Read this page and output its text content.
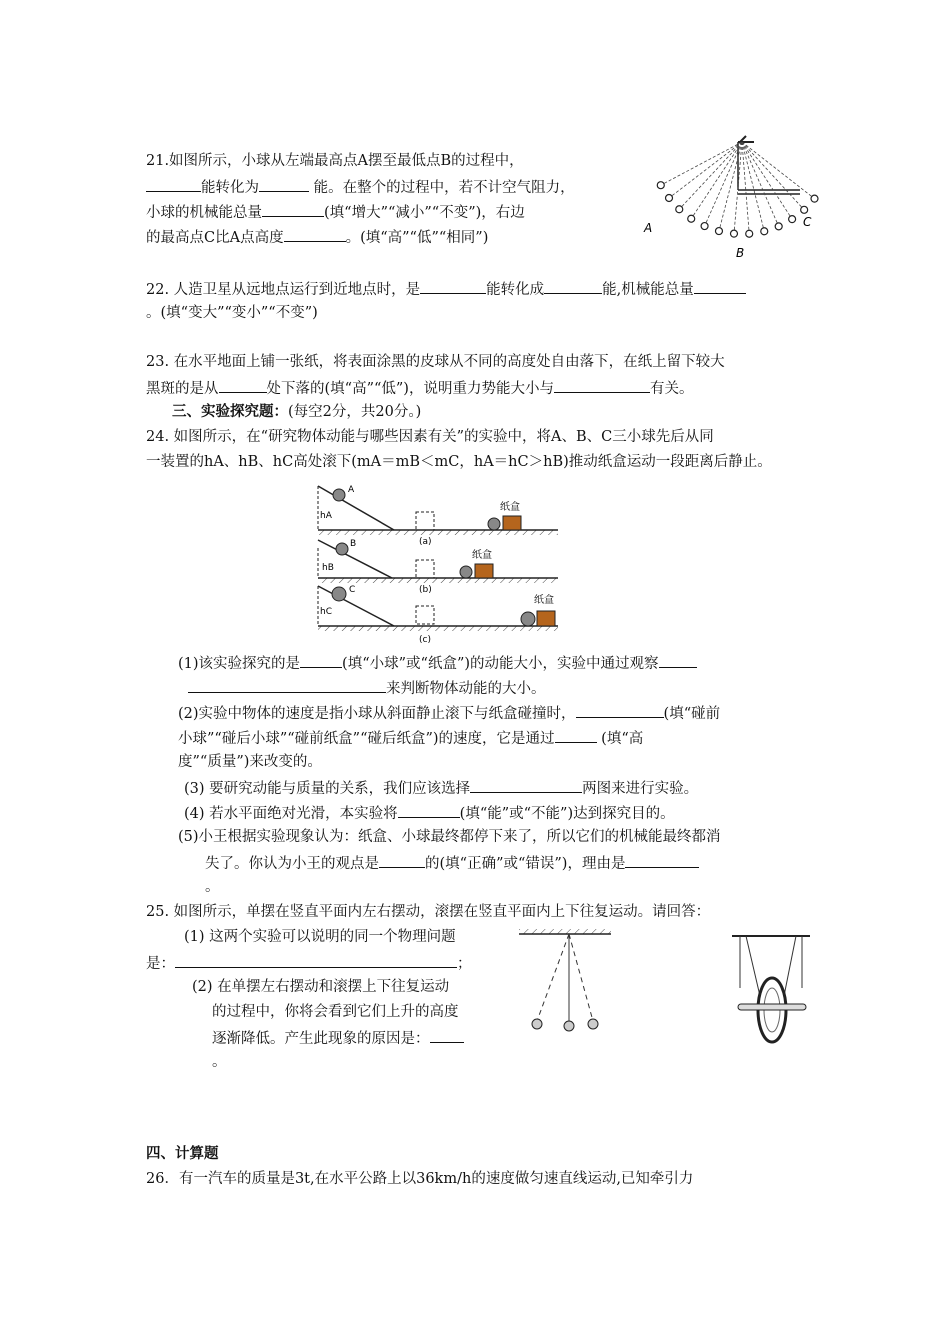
21.如图所示，小球从左端最高点A摆至最低点B的过程中，
能转化为	能。在整个的过程中，若不计空气阻力，
小球的机械能总量	(填“增大”“减小”“不变”)，右边
的最高点C比A点高度	。(填“高”“低”“相同”)
A
B
C
22. 人造卫星从远地点运行到近地点时，是	能转化成	能,机械能总量
。(填“变大”“变小”“不变”)
23. 在水平地面上铺一张纸，将表面涂黑的皮球从不同的高度处自由落下，在纸上留下较大
黑斑的是从	处下落的(填“高”“低”)，说明重力势能大小与	有关。
三、实验探究题：(每空2分，共20分。)
24. 如图所示，在“研究物体动能与哪些因素有关”的实验中，将A、B、C三小球先后从同
一装置的hA、hB、hC高处滚下(mA＝mB＜mC，hA＝hC＞hB)推动纸盒运动一段距离后静止。
A
hA
(a)
纸盒
B
hB
(b)
纸盒
C
hC
(c)
纸盒
(1)该实验探究的是	(填“小球”或“纸盒”)的动能大小，实验中通过观察
来判断物体动能的大小。
(2)实验中物体的速度是指小球从斜面静止滚下与纸盒碰撞时，	(填“碰前
小球”“碰后小球”“碰前纸盒”“碰后纸盒”)的速度，它是通过	(填“高
度”“质量”)来改变的。
(3) 要研究动能与质量的关系，我们应该选择	两图来进行实验。
(4) 若水平面绝对光滑，本实验将	(填“能”或“不能”)达到探究目的。
(5)小王根据实验现象认为：纸盒、小球最终都停下来了，所以它们的机械能最终都消
失了。你认为小王的观点是	的(填“正确”或“错误”)，理由是
。
25. 如图所示，单摆在竖直平面内左右摆动，滚摆在竖直平面内上下往复运动。请回答：
(1) 这两个实验可以说明的同一个物理问题
是：	；
(2) 在单摆左右摆动和滚摆上下往复运动
的过程中，你将会看到它们上升的高度
逐渐降低。产生此现象的原因是：
。
四、计算题
26．有一汽车的质量是3t,在水平公路上以36km/h的速度做匀速直线运动,已知牵引力
